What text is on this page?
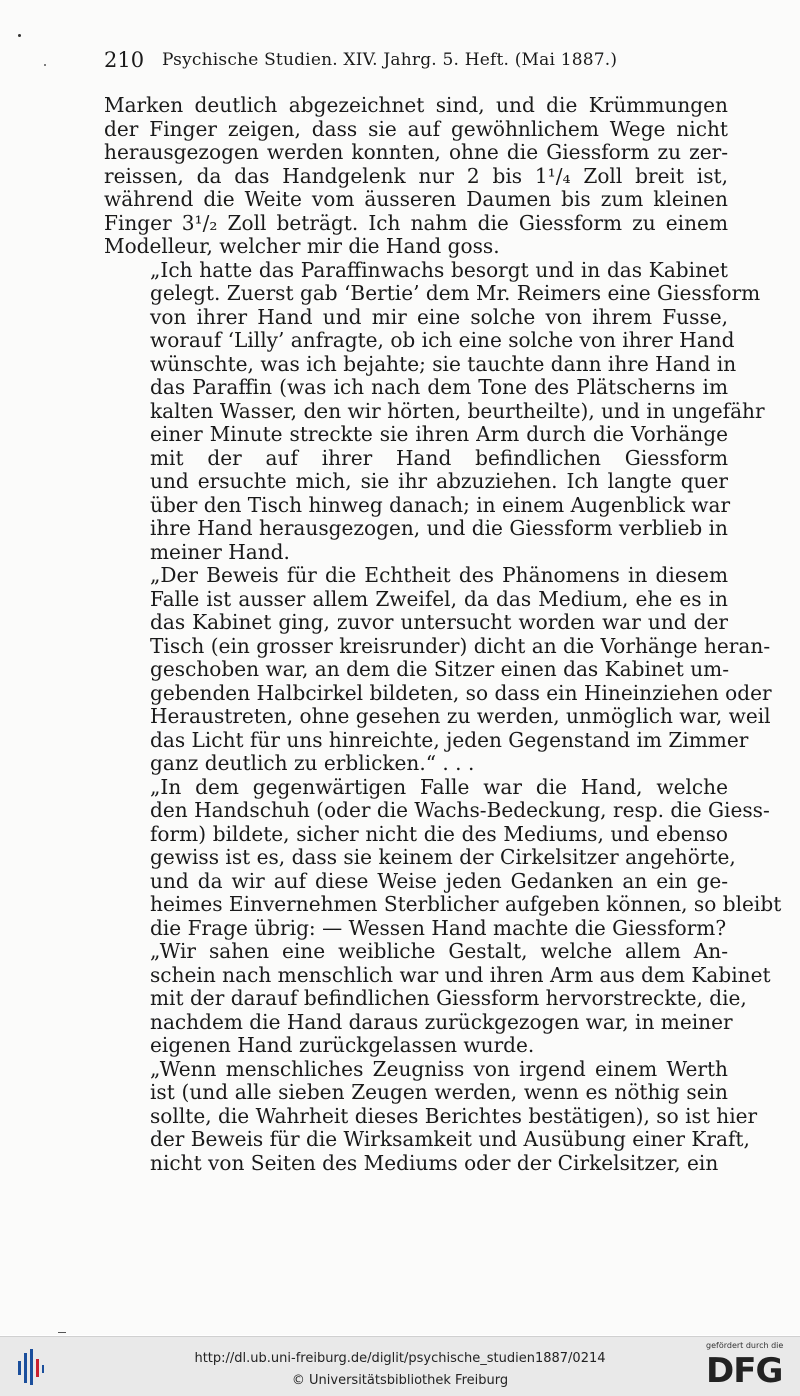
210 Psychische Studien. XIV. Jahrg. 5. Heft. (Mai 1887.)

Marken deutlich abgezeichnet sind, und die Krümmungen
der Finger zeigen, dass sie auf gewöhnlichem Wege nicht
herausgezogen werden konnten, ohne die Giessform zu zer-
reissen, da das Handgelenk nur 2 bis 1¹/₄ Zoll breit ist,
während die Weite vom äusseren Daumen bis zum kleinen
Finger 3¹/₂ Zoll beträgt. Ich nahm die Giessform zu einem
Modelleur, welcher mir die Hand goss.

„Ich hatte das Paraffinwachs besorgt und in das Kabinet
gelegt. Zuerst gab ‘Bertie’ dem Mr. Reimers eine Giessform
von ihrer Hand und mir eine solche von ihrem Fusse,
worauf ‘Lilly’ anfragte, ob ich eine solche von ihrer Hand
wünschte, was ich bejahte; sie tauchte dann ihre Hand in
das Paraffin (was ich nach dem Tone des Plätscherns im
kalten Wasser, den wir hörten, beurtheilte), und in ungefähr
einer Minute streckte sie ihren Arm durch die Vorhänge
mit der auf ihrer Hand befindlichen Giessform
und ersuchte mich, sie ihr abzuziehen. Ich langte quer
über den Tisch hinweg danach; in einem Augenblick war
ihre Hand herausgezogen, und die Giessform verblieb in
meiner Hand.

„Der Beweis für die Echtheit des Phänomens in diesem
Falle ist ausser allem Zweifel, da das Medium, ehe es in
das Kabinet ging, zuvor untersucht worden war und der
Tisch (ein grosser kreisrunder) dicht an die Vorhänge heran-
geschoben war, an dem die Sitzer einen das Kabinet um-
gebenden Halbcirkel bildeten, so dass ein Hineinziehen oder
Heraustreten, ohne gesehen zu werden, unmöglich war, weil
das Licht für uns hinreichte, jeden Gegenstand im Zimmer
ganz deutlich zu erblicken.“ . . .

„In dem gegenwärtigen Falle war die Hand, welche
den Handschuh (oder die Wachs-Bedeckung, resp. die Giess-
form) bildete, sicher nicht die des Mediums, und ebenso
gewiss ist es, dass sie keinem der Cirkelsitzer angehörte,
und da wir auf diese Weise jeden Gedanken an ein ge-
heimes Einvernehmen Sterblicher aufgeben können, so bleibt
die Frage übrig: — Wessen Hand machte die Giessform?

„Wir sahen eine weibliche Gestalt, welche allem An-
schein nach menschlich war und ihren Arm aus dem Kabinet
mit der darauf befindlichen Giessform hervorstreckte, die,
nachdem die Hand daraus zurückgezogen war, in meiner
eigenen Hand zurückgelassen wurde.

„Wenn menschliches Zeugniss von irgend einem Werth
ist (und alle sieben Zeugen werden, wenn es nöthig sein
sollte, die Wahrheit dieses Berichtes bestätigen), so ist hier
der Beweis für die Wirksamkeit und Ausübung einer Kraft,
nicht von Seiten des Mediums oder der Cirkelsitzer, ein

http://dl.ub.uni-freiburg.de/diglit/psychische_studien1887/0214
© Universitätsbibliothek Freiburg
gefördert durch die
DFG
